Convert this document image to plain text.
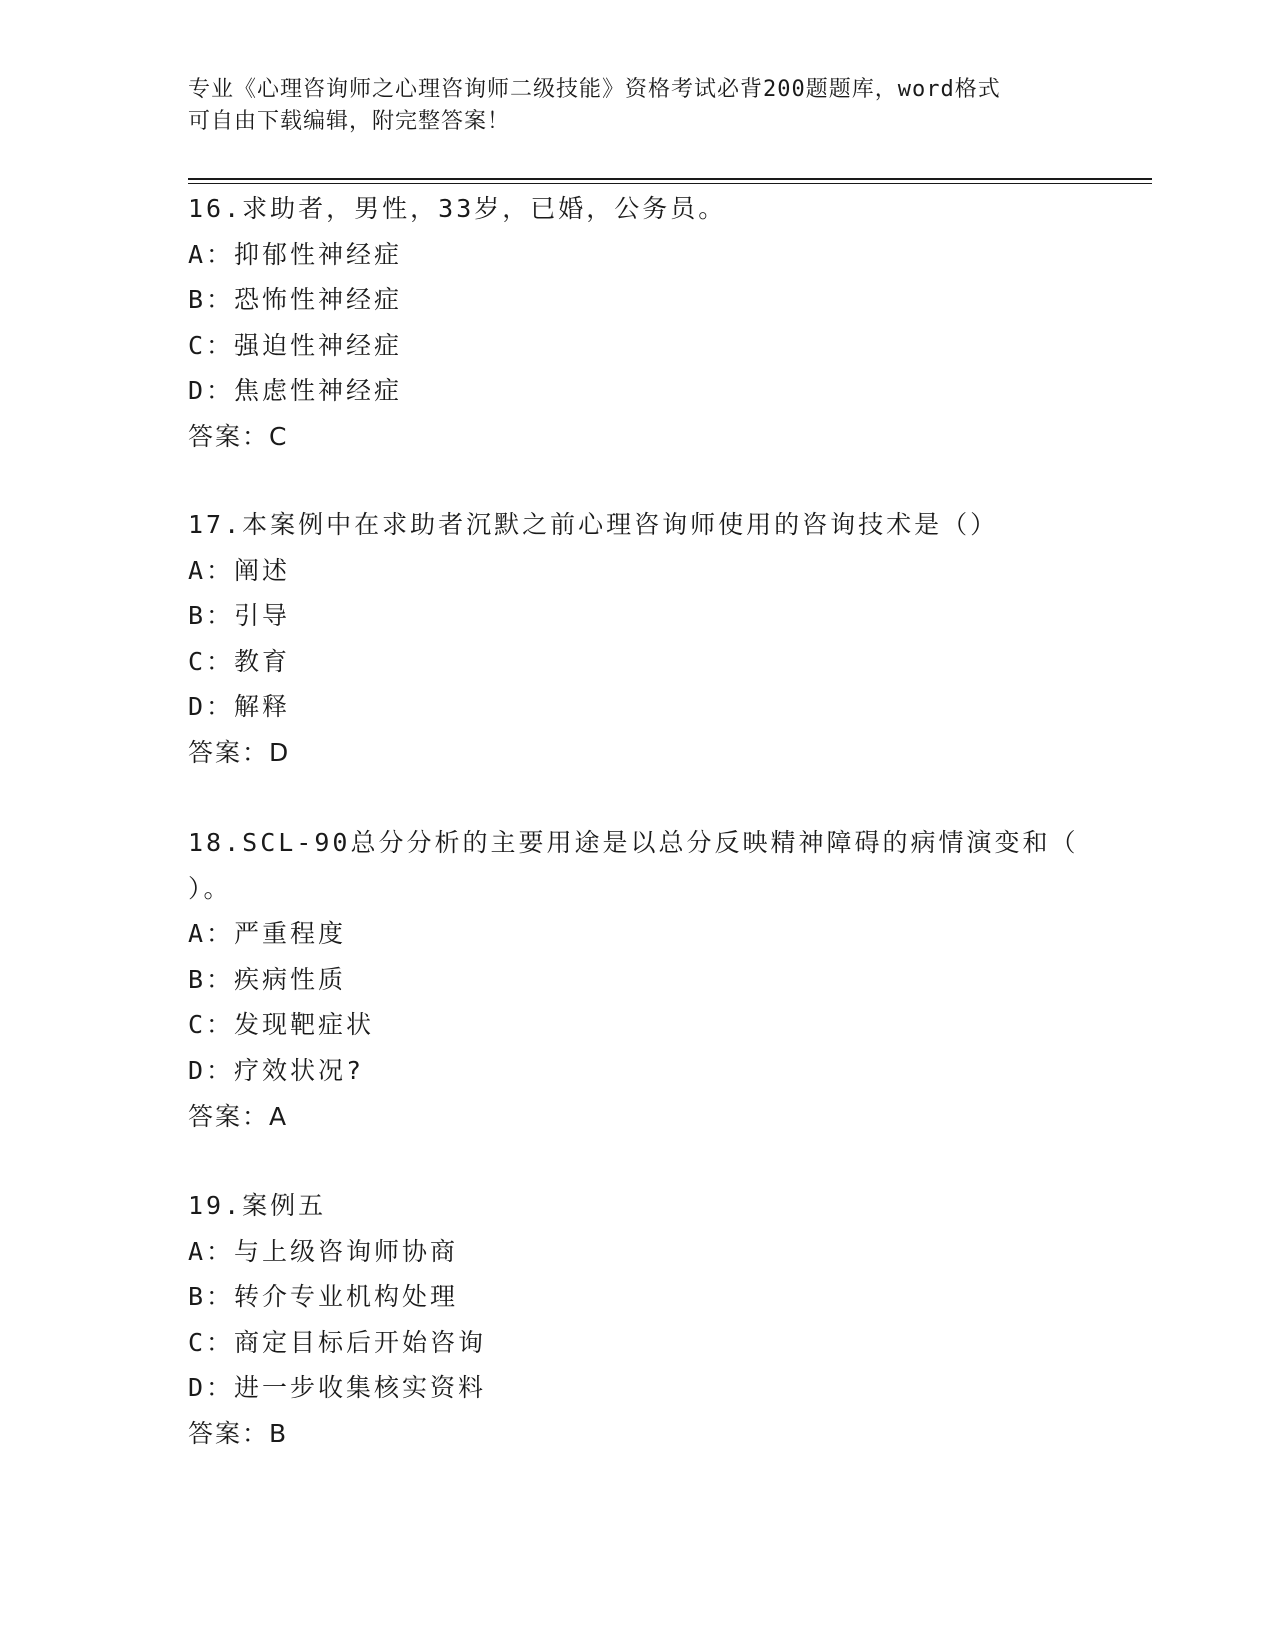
专业《心理咨询师之心理咨询师二级技能》资格考试必背200题题库，word格式
可自由下载编辑，附完整答案！
16.求助者，男性，33岁，已婚，公务员。
A：抑郁性神经症
B：恐怖性神经症
C：强迫性神经症
D：焦虑性神经症
答案：C
17.本案例中在求助者沉默之前心理咨询师使用的咨询技术是（）
A：阐述
B：引导
C：教育
D：解释
答案：D
18.SCL-90总分分析的主要用途是以总分反映精神障碍的病情演变和（
）。
A：严重程度
B：疾病性质
C：发现靶症状
D：疗效状况?
答案：A
19.案例五
A：与上级咨询师协商
B：转介专业机构处理
C：商定目标后开始咨询
D：进一步收集核实资料
答案：B
